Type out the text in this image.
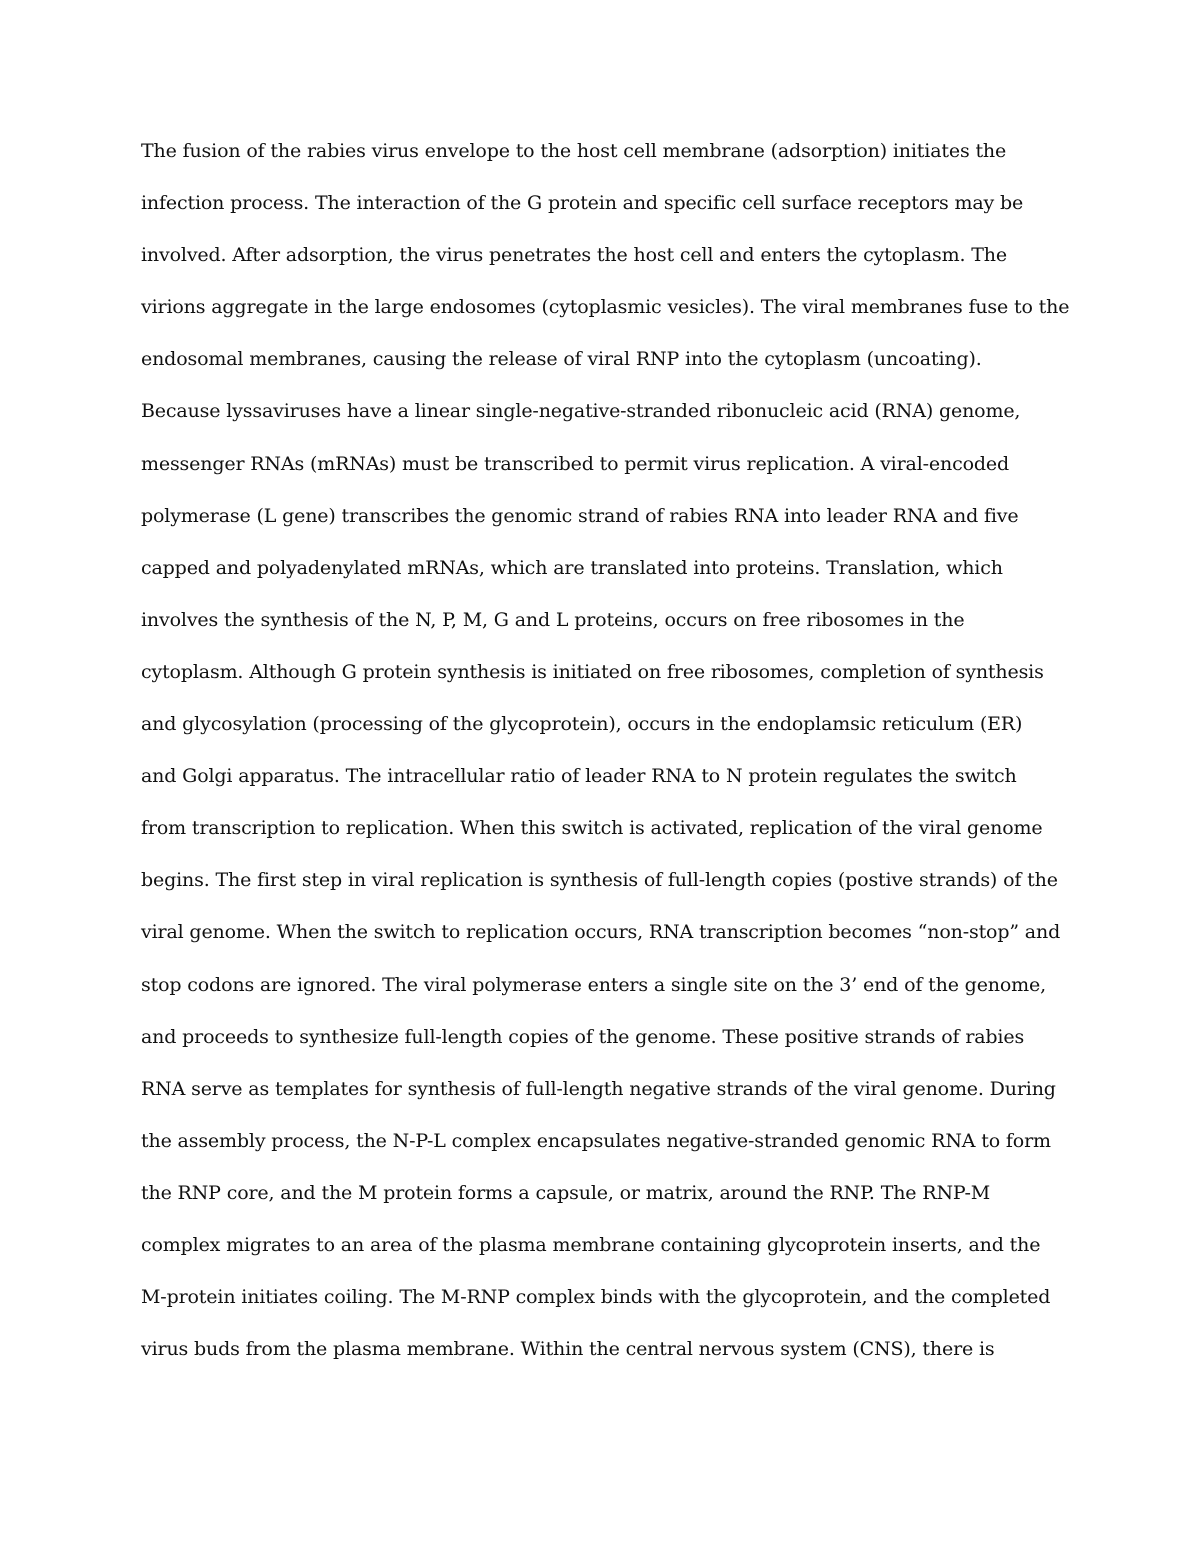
The fusion of the rabies virus envelope to the host cell membrane (adsorption) initiates the
infection process. The interaction of the G protein and specific cell surface receptors may be
involved. After adsorption, the virus penetrates the host cell and enters the cytoplasm. The
virions aggregate in the large endosomes (cytoplasmic vesicles). The viral membranes fuse to the
endosomal membranes, causing the release of viral RNP into the cytoplasm (uncoating).
Because lyssaviruses have a linear single-negative-stranded ribonucleic acid (RNA) genome,
messenger RNAs (mRNAs) must be transcribed to permit virus replication. A viral-encoded
polymerase (L gene) transcribes the genomic strand of rabies RNA into leader RNA and five
capped and polyadenylated mRNAs, which are translated into proteins. Translation, which
involves the synthesis of the N, P, M, G and L proteins, occurs on free ribosomes in the
cytoplasm. Although G protein synthesis is initiated on free ribosomes, completion of synthesis
and glycosylation (processing of the glycoprotein), occurs in the endoplamsic reticulum (ER)
and Golgi apparatus. The intracellular ratio of leader RNA to N protein regulates the switch
from transcription to replication. When this switch is activated, replication of the viral genome
begins. The first step in viral replication is synthesis of full-length copies (postive strands) of the
viral genome. When the switch to replication occurs, RNA transcription becomes “non-stop” and
stop codons are ignored. The viral polymerase enters a single site on the 3’ end of the genome,
and proceeds to synthesize full-length copies of the genome. These positive strands of rabies
RNA serve as templates for synthesis of full-length negative strands of the viral genome. During
the assembly process, the N-P-L complex encapsulates negative-stranded genomic RNA to form
the RNP core, and the M protein forms a capsule, or matrix, around the RNP. The RNP-M
complex migrates to an area of the plasma membrane containing glycoprotein inserts, and the
M-protein initiates coiling. The M-RNP complex binds with the glycoprotein, and the completed
virus buds from the plasma membrane. Within the central nervous system (CNS), there is
